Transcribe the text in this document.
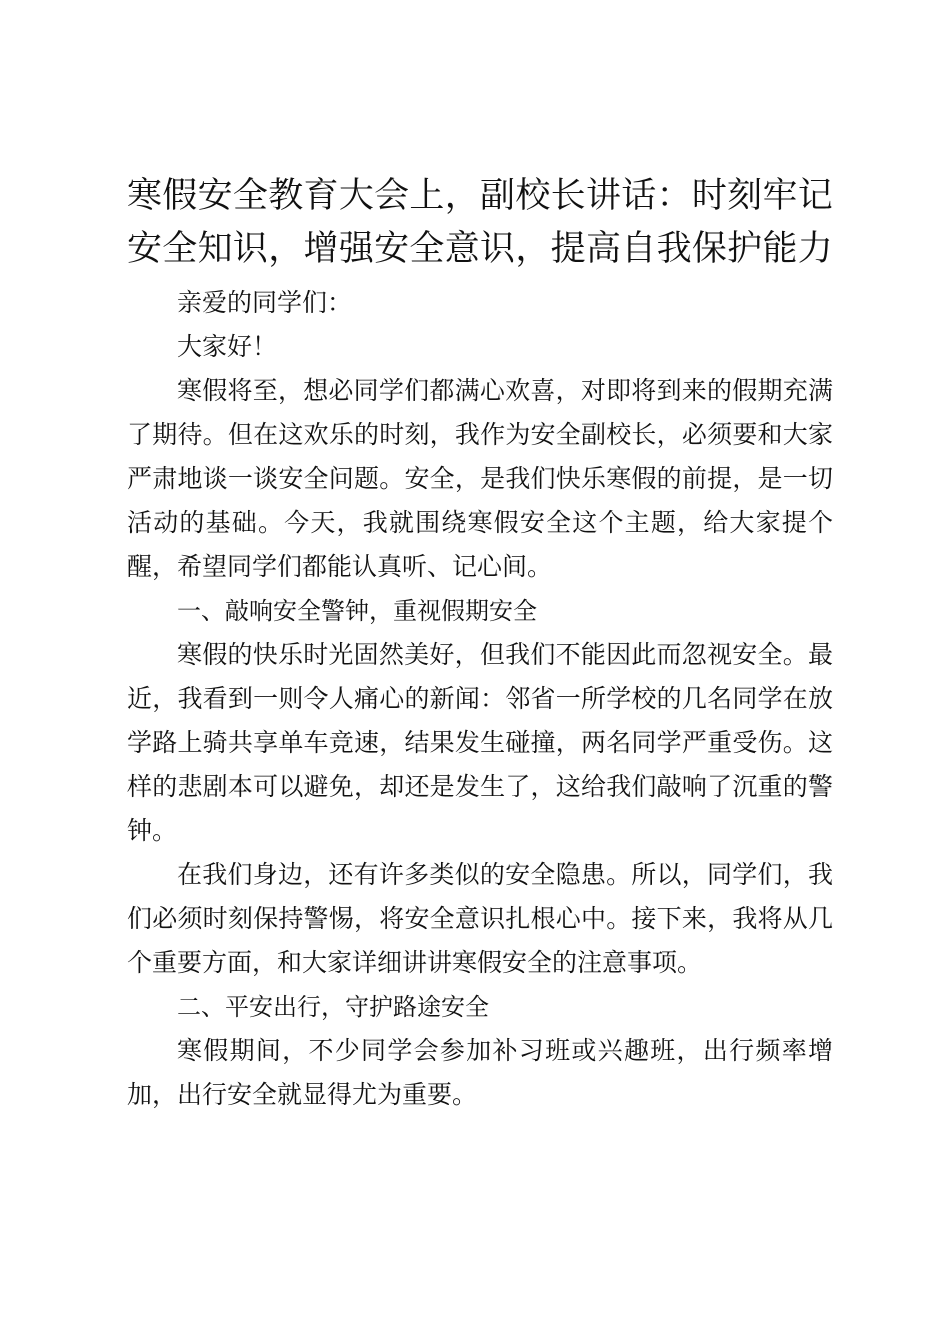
寒假安全教育大会上，副校长讲话：时刻牢记
安全知识，增强安全意识，提高自我保护能力

亲爱的同学们：

大家好！

寒假将至，想必同学们都满心欢喜，对即将到来的假期充满了期待。但在这欢乐的时刻，我作为安全副校长，必须要和大家严肃地谈一谈安全问题。安全，是我们快乐寒假的前提，是一切活动的基础。今天，我就围绕寒假安全这个主题，给大家提个醒，希望同学们都能认真听、记心间。

一、敲响安全警钟，重视假期安全

寒假的快乐时光固然美好，但我们不能因此而忽视安全。最近，我看到一则令人痛心的新闻：邻省一所学校的几名同学在放学路上骑共享单车竞速，结果发生碰撞，两名同学严重受伤。这样的悲剧本可以避免，却还是发生了，这给我们敲响了沉重的警钟。

在我们身边，还有许多类似的安全隐患。所以，同学们，我们必须时刻保持警惕，将安全意识扎根心中。接下来，我将从几个重要方面，和大家详细讲讲寒假安全的注意事项。

二、平安出行，守护路途安全

寒假期间，不少同学会参加补习班或兴趣班，出行频率增加，出行安全就显得尤为重要。
